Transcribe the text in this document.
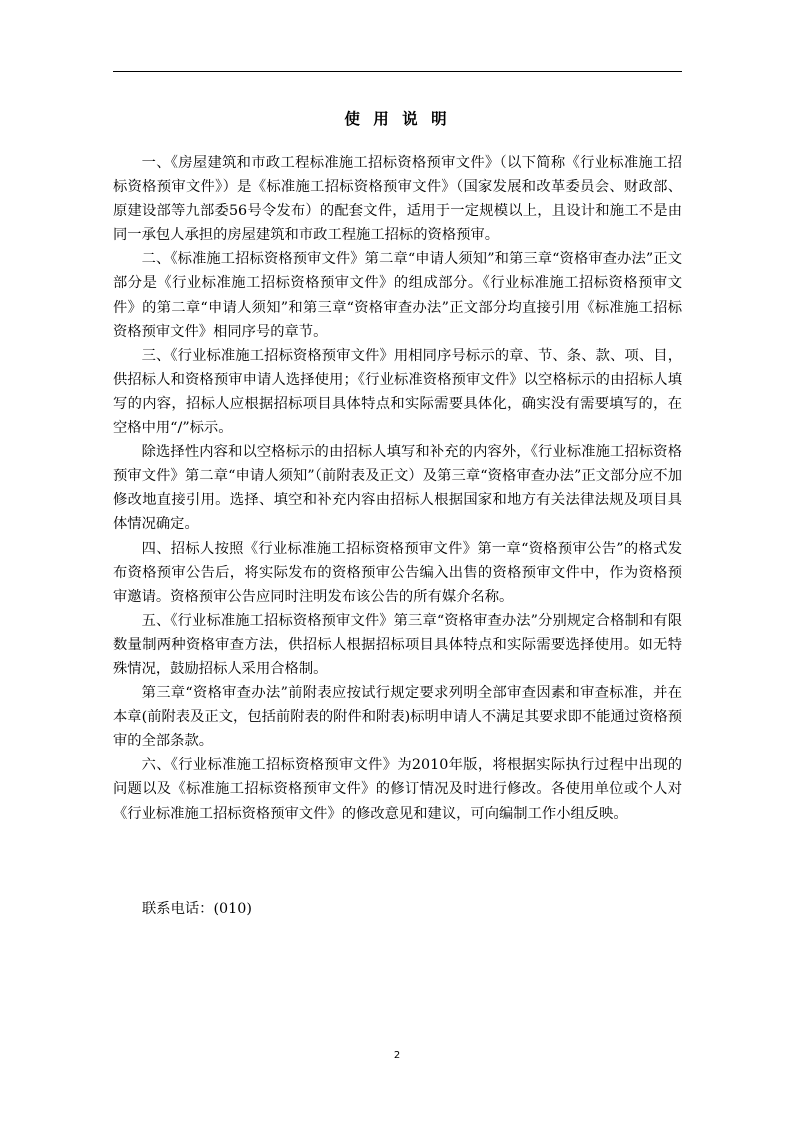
使 用 说 明

一、《房屋建筑和市政工程标准施工招标资格预审文件》（以下简称《行业标准施工招标资格预审文件》）是《标准施工招标资格预审文件》（国家发展和改革委员会、财政部、原建设部等九部委56号令发布）的配套文件，适用于一定规模以上，且设计和施工不是由同一承包人承担的房屋建筑和市政工程施工招标的资格预审。

二、《标准施工招标资格预审文件》第二章“申请人须知”和第三章“资格审查办法”正文部分是《行业标准施工招标资格预审文件》的组成部分。《行业标准施工招标资格预审文件》的第二章“申请人须知”和第三章“资格审查办法”正文部分均直接引用《标准施工招标资格预审文件》相同序号的章节。

三、《行业标准施工招标资格预审文件》用相同序号标示的章、节、条、款、项、目，供招标人和资格预审申请人选择使用；《行业标准资格预审文件》以空格标示的由招标人填写的内容，招标人应根据招标项目具体特点和实际需要具体化，确实没有需要填写的，在空格中用“/”标示。

除选择性内容和以空格标示的由招标人填写和补充的内容外，《行业标准施工招标资格预审文件》第二章“申请人须知”（前附表及正文）及第三章“资格审查办法”正文部分应不加修改地直接引用。选择、填空和补充内容由招标人根据国家和地方有关法律法规及项目具体情况确定。

四、招标人按照《行业标准施工招标资格预审文件》第一章“资格预审公告”的格式发布资格预审公告后，将实际发布的资格预审公告编入出售的资格预审文件中，作为资格预审邀请。资格预审公告应同时注明发布该公告的所有媒介名称。

五、《行业标准施工招标资格预审文件》第三章“资格审查办法”分别规定合格制和有限数量制两种资格审查方法，供招标人根据招标项目具体特点和实际需要选择使用。如无特殊情况，鼓励招标人采用合格制。

第三章“资格审查办法”前附表应按试行规定要求列明全部审查因素和审查标准，并在本章(前附表及正文，包括前附表的附件和附表)标明申请人不满足其要求即不能通过资格预审的全部条款。

六、《行业标准施工招标资格预审文件》为2010年版，将根据实际执行过程中出现的问题以及《标准施工招标资格预审文件》的修订情况及时进行修改。各使用单位或个人对《行业标准施工招标资格预审文件》的修改意见和建议，可向编制工作小组反映。

联系电话：(010)
2
